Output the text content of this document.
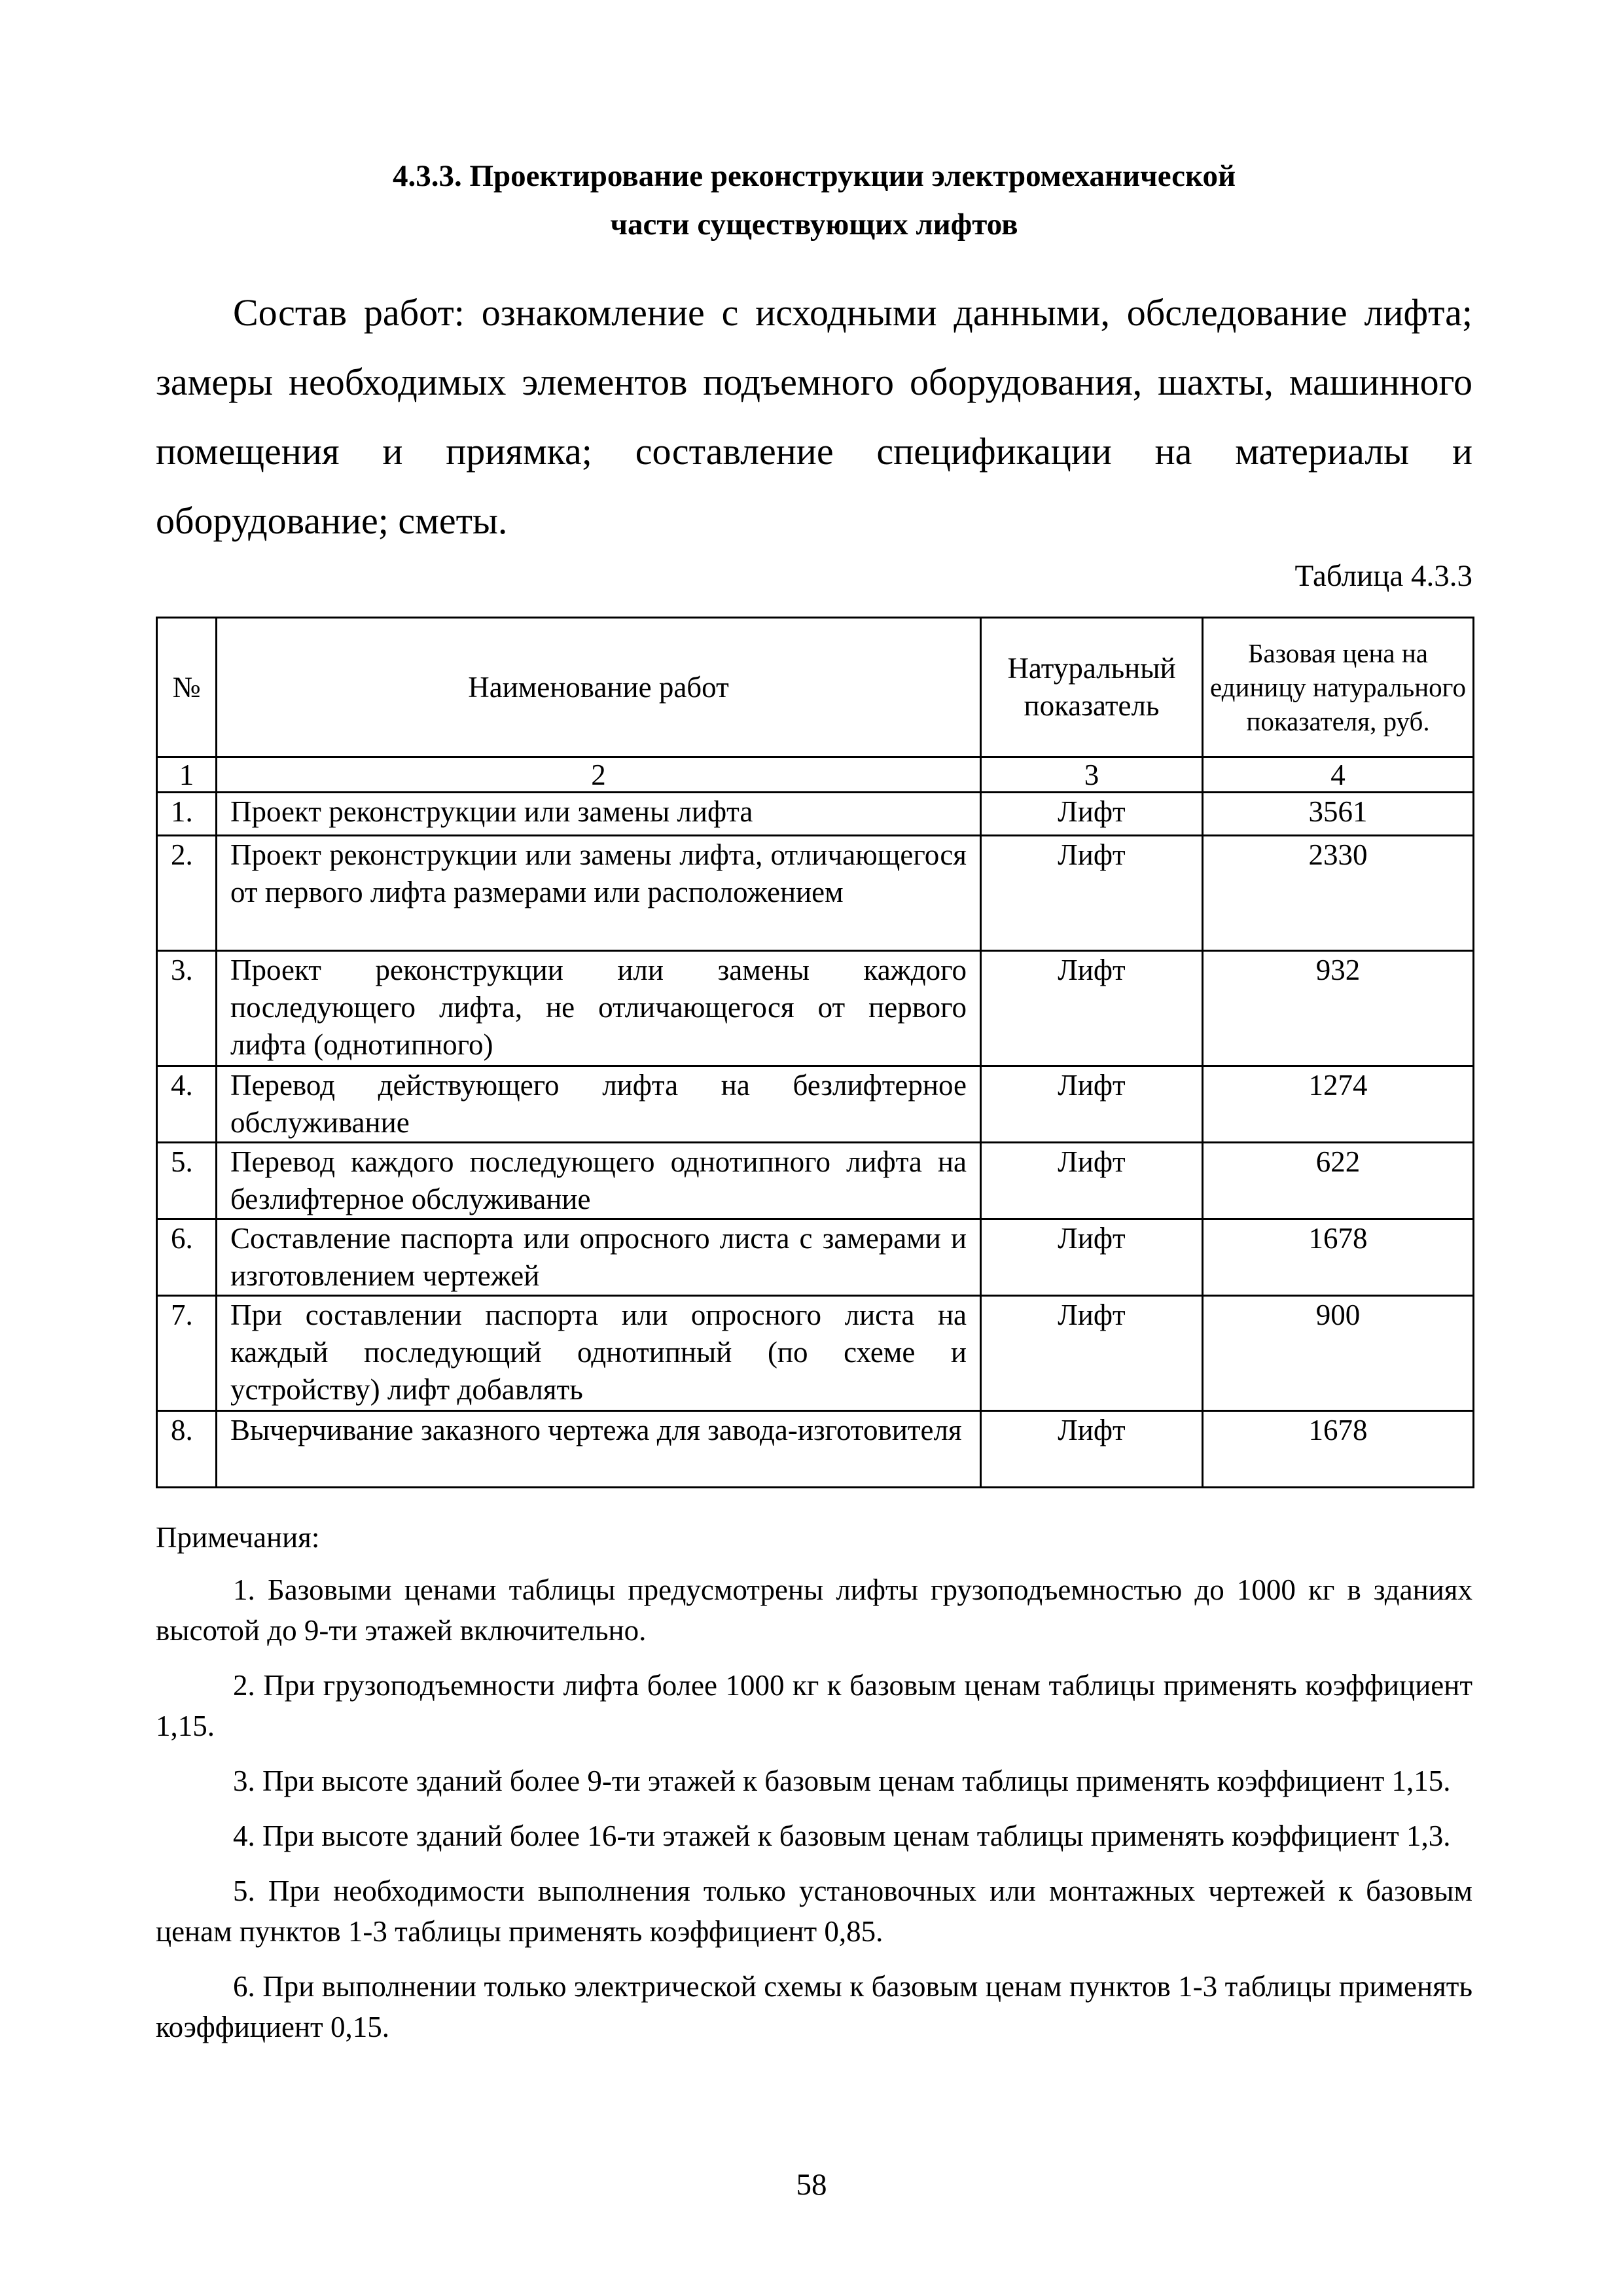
4.3.3. Проектирование реконструкции электромеханической
части существующих лифтов

Состав работ: ознакомление с исходными данными, обследование лифта; замеры необходимых элементов подъемного оборудования, шахты, машинного помещения и приямка; составление спецификации на материалы и оборудование; сметы.

Таблица 4.3.3
№	Наименование работ	Натуральный показатель	Базовая цена на единицу натурального показателя, руб.
1	2	3	4
1.	Проект реконструкции или замены лифта	Лифт	3561
2.	Проект реконструкции или замены лифта, отличающегося от первого лифта размерами или расположением	Лифт	2330
3.	Проект реконструкции или замены каждого последующего лифта, не отличающегося от первого лифта (однотипного)	Лифт	932
4.	Перевод действующего лифта на безлифтерное обслуживание	Лифт	1274
5.	Перевод каждого последующего однотипного лифта на безлифтерное обслуживание	Лифт	622
6.	Составление паспорта или опросного листа с замерами и изготовлением чертежей	Лифт	1678
7.	При составлении паспорта или опросного листа на каждый последующий однотипный (по схеме и устройству) лифт добавлять	Лифт	900
8.	Вычерчивание заказного чертежа для завода-изготовителя	Лифт	1678

Примечания:

1. Базовыми ценами таблицы предусмотрены лифты грузоподъемностью до 1000 кг в зданиях высотой до 9-ти этажей включительно.

2. При грузоподъемности лифта более 1000 кг к базовым ценам таблицы применять коэффициент 1,15.

3. При высоте зданий более 9-ти этажей к базовым ценам таблицы применять коэффициент 1,15.

4. При высоте зданий более 16-ти этажей к базовым ценам таблицы применять коэффициент 1,3.

5. При необходимости выполнения только установочных или монтажных чертежей к базовым ценам пунктов 1-3 таблицы применять коэффициент 0,85.

6. При выполнении только электрической схемы к базовым ценам пунктов 1-3 таблицы применять коэффициент 0,15.

58
